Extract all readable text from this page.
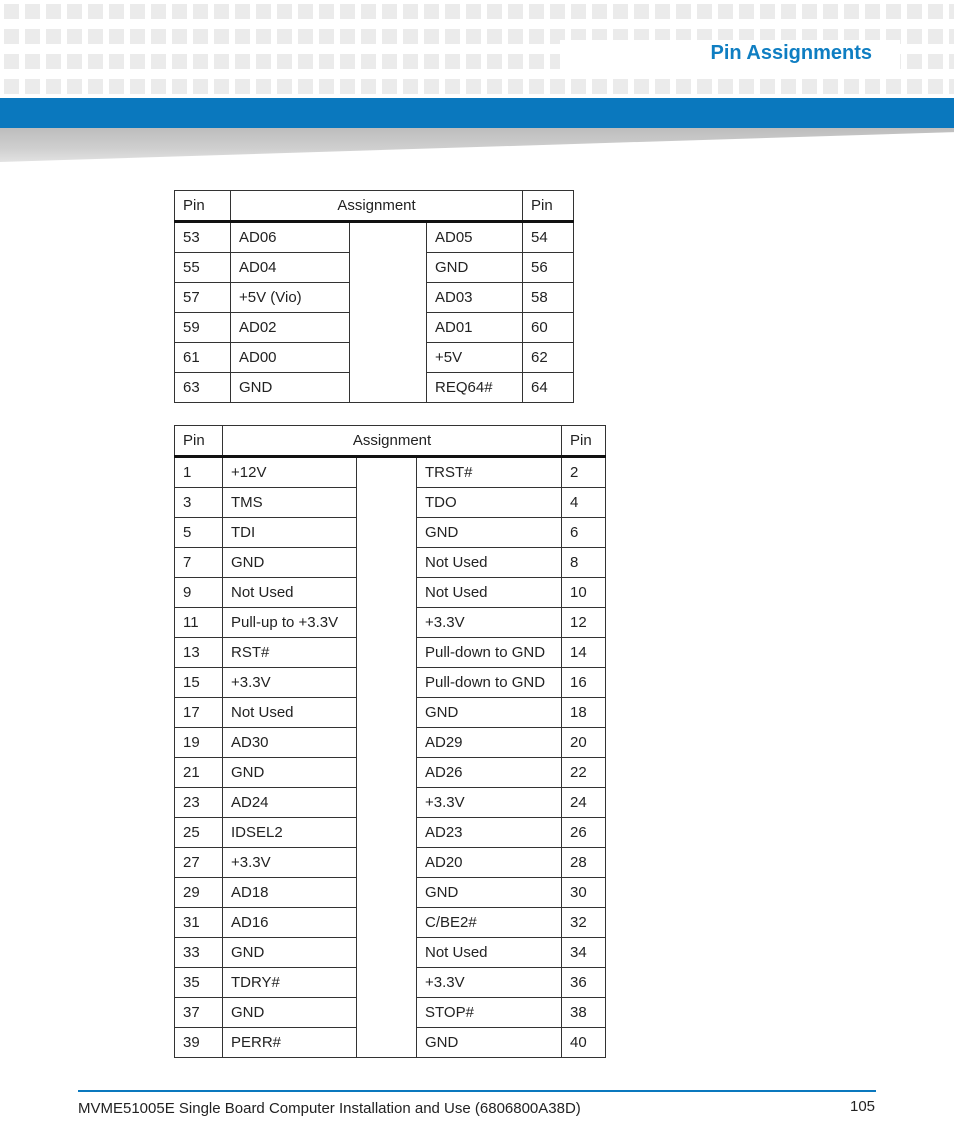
Pin Assignments
Pin	Assignment			Pin
53	AD06		AD05	54
55	AD04		GND	56
57	+5V (Vio)		AD03	58
59	AD02		AD01	60
61	AD00		+5V	62
63	GND		REQ64#	64
Pin	Assignment			Pin
1	+12V		TRST#	2
3	TMS		TDO	4
5	TDI		GND	6
7	GND		Not Used	8
9	Not Used		Not Used	10
11	Pull-up to +3.3V		+3.3V	12
13	RST#		Pull-down to GND	14
15	+3.3V		Pull-down to GND	16
17	Not Used		GND	18
19	AD30		AD29	20
21	GND		AD26	22
23	AD24		+3.3V	24
25	IDSEL2		AD23	26
27	+3.3V		AD20	28
29	AD18		GND	30
31	AD16		C/BE2#	32
33	GND		Not Used	34
35	TDRY#		+3.3V	36
37	GND		STOP#	38
39	PERR#		GND	40
MVME51005E Single Board Computer Installation and Use (6806800A38D)	105
